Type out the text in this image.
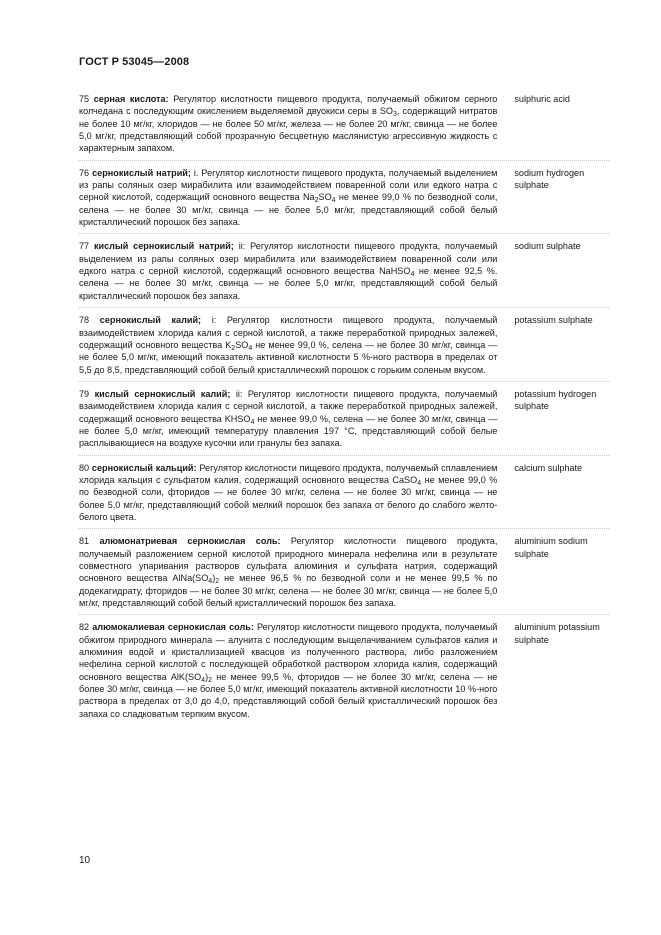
ГОСТ Р 53045—2008
75 серная кислота: Регулятор кислотности пищевого продукта, получаемый обжигом серного колчедана с последующим окислением выделяемой двуокиси серы в $SO_3$, содержащий нитратов не более 10 мг/кг, хлоридов — не более 50 мг/кг, железа — не более 20 мг/кг, свинца — не более 5,0 мг/кг, представляющий собой прозрачную бесцветную маслянистую агрессивную жидкость с характерным запахом.
sulphuric acid
76 сернокислый натрий; i. Регулятор кислотности пищевого продукта, получаемый выделением из рапы соляных озер мирабилита или взаимодействием поваренной соли или едкого натра с серной кислотой, содержащий основного вещества $Na_2SO_4$ не менее 99,0 % по безводной соли, селена — не более 30 мг/кг, свинца — не более 5,0 мг/кг, представляющий собой белый кристаллический порошок без запаха.
sodium hydrogen sulphate
77 кислый сернокислый натрий; ii: Регулятор кислотности пищевого продукта, получаемый выделением из рапы соляных озер мирабилита или взаимодействием поваренной соли или едкого натра с серной кислотой, содержащий основного вещества NaHSO$_4$ не менее 92,5 %. селена — не более 30 мг/кг, свинца — не более 5,0 мг/кг, представляющий собой белый кристаллический порошок без запаха.
sodium sulphate
78 сернокислый калий; i: Регулятор кислотности пищевого продукта, получаемый взаимодействием хлорида калия с серной кислотой, а также переработкой природных залежей, содержащий основного вещества $K_2SO_4$ не менее 99,0 %, селена — не более 30 мг/кг, свинца — не более 5,0 мг/кг, имеющий показатель активной кислотности 5 %-ного раствора в пределах от 5,5 до 8,5, представляющий собой белый кристаллический порошок с горьким соленым вкусом.
potassium sulphate
79 кислый сернокислый калий; ii: Регулятор кислотности пищевого продукта, получаемый взаимодействием хлорида калия с серной кислотой, а также переработкой природных залежей, содержащий основного вещества $KHSO_4$ не менее 99,0 %, селена — не более 30 мг/кг, свинца — не более 5,0 мг/кг, имеющий температуру плавления 197 °С, представляющий собой белые расплывающиеся на воздухе кусочки или гранулы без запаха.
potassium hydrogen sulphate
80 сернокислый кальций: Регулятор кислотности пищевого продукта, получаемый сплавлением хлорида кальция с сульфатом калия, содержащий основного вещества CaSO$_4$ не менее 99,0 % по безводной соли, фторидов — не более 30 мг/кг, селена — не более 30 мг/кг, свинца — не более 5,0 мг/кг, представляющий собой мелкий порошок без запаха от белого до слабого желто-белого цвета.
calcium sulphate
81 алюмонатриевая сернокислая соль: Регулятор кислотности пищевого продукта, получаемый разложением серной кислотой природного минерала нефелина или в результате совместного упаривания растворов сульфата алюминия и сульфата натрия, содержащий основного вещества $AlNa(SO_4)_2$ не менее 96,5 % по безводной соли и не менее 99,5 % по додекагидрату, фторидов — не более 30 мг/кг, селена — не более 30 мг/кг, свинца — не более 5,0 мг/кг, представляющий собой белый кристаллический порошок без запаха.
aluminium sodium sulphate
82 алюмокалиевая сернокислая соль: Регулятор кислотности пищевого продукта, получаемый обжигом природного минерала — алунита с последующим выщелачиванием сульфатов калия и алюминия водой и кристаллизацией квасцов из полученного раствора, либо разложением нефелина серной кислотой с последующей обработкой раствором хлорида калия, содержащий основного вещества $AlK(SO_4)_2$ не менее 99,5 %, фторидов — не более 30 мг/кг, селена — не более 30 мг/кг, свинца — не более 5,0 мг/кг, имеющий показатель активной кислотности 10 %-ного раствора в пределах от 3,0 до 4,0, представляющий собой белый кристаллический порошок без запаха со сладковатым терпким вкусом.
aluminium potassium sulphate
10
